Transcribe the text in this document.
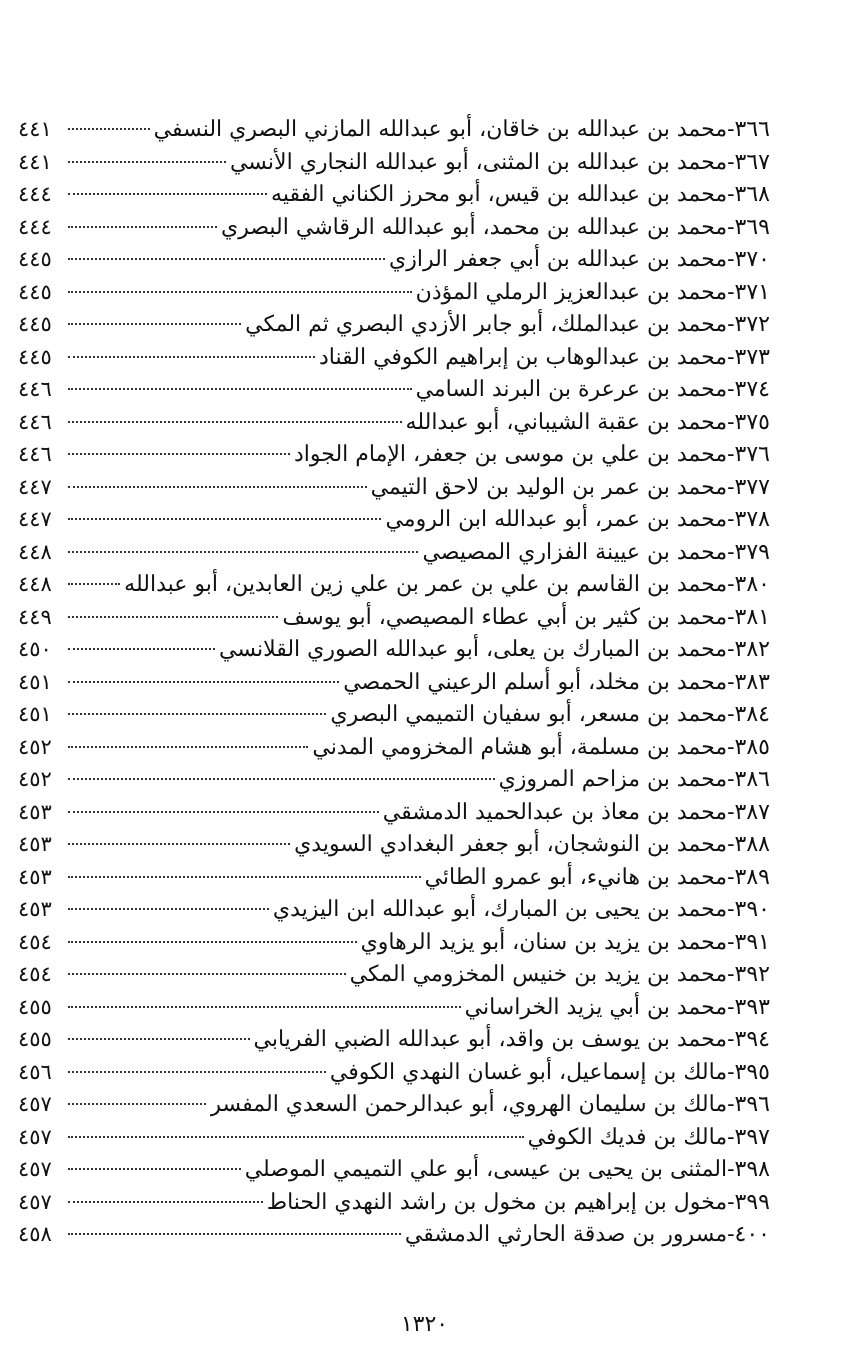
٣٦٦-
محمد بن عبدالله بن خاقان، أبو عبدالله المازني البصري النسفي
٤٤١
٣٦٧-
محمد بن عبدالله بن المثنى، أبو عبدالله النجاري الأنسي
٤٤١
٣٦٨-
محمد بن عبدالله بن قيس، أبو محرز الكناني الفقيه
٤٤٤
٣٦٩-
محمد بن عبدالله بن محمد، أبو عبدالله الرقاشي البصري
٤٤٤
٣٧٠-
محمد بن عبدالله بن أبي جعفر الرازي
٤٤٥
٣٧١-
محمد بن عبدالعزيز الرملي المؤذن
٤٤٥
٣٧٢-
محمد بن عبدالملك، أبو جابر الأزدي البصري ثم المكي
٤٤٥
٣٧٣-
محمد بن عبدالوهاب بن إبراهيم الكوفي القناد
٤٤٥
٣٧٤-
محمد بن عرعرة بن البرند السامي
٤٤٦
٣٧٥-
محمد بن عقبة الشيباني، أبو عبدالله
٤٤٦
٣٧٦-
محمد بن علي بن موسى بن جعفر، الإمام الجواد
٤٤٦
٣٧٧-
محمد بن عمر بن الوليد بن لاحق التيمي
٤٤٧
٣٧٨-
محمد بن عمر، أبو عبدالله ابن الرومي
٤٤٧
٣٧٩-
محمد بن عيينة الفزاري المصيصي
٤٤٨
٣٨٠-
محمد بن القاسم بن علي بن عمر بن علي زين العابدين، أبو عبدالله
٤٤٨
٣٨١-
محمد بن كثير بن أبي عطاء المصيصي، أبو يوسف
٤٤٩
٣٨٢-
محمد بن المبارك بن يعلى، أبو عبدالله الصوري القلانسي
٤٥٠
٣٨٣-
محمد بن مخلد، أبو أسلم الرعيني الحمصي
٤٥١
٣٨٤-
محمد بن مسعر، أبو سفيان التميمي البصري
٤٥١
٣٨٥-
محمد بن مسلمة، أبو هشام المخزومي المدني
٤٥٢
٣٨٦-
محمد بن مزاحم المروزي
٤٥٢
٣٨٧-
محمد بن معاذ بن عبدالحميد الدمشقي
٤٥٣
٣٨٨-
محمد بن النوشجان، أبو جعفر البغدادي السويدي
٤٥٣
٣٨٩-
محمد بن هانيء، أبو عمرو الطائي
٤٥٣
٣٩٠-
محمد بن يحيى بن المبارك، أبو عبدالله ابن اليزيدي
٤٥٣
٣٩١-
محمد بن يزيد بن سنان، أبو يزيد الرهاوي
٤٥٤
٣٩٢-
محمد بن يزيد بن خنيس المخزومي المكي
٤٥٤
٣٩٣-
محمد بن أبي يزيد الخراساني
٤٥٥
٣٩٤-
محمد بن يوسف بن واقد، أبو عبدالله الضبي الفريابي
٤٥٥
٣٩٥-
مالك بن إسماعيل، أبو غسان النهدي الكوفي
٤٥٦
٣٩٦-
مالك بن سليمان الهروي، أبو عبدالرحمن السعدي المفسر
٤٥٧
٣٩٧-
مالك بن فديك الكوفي
٤٥٧
٣٩٨-
المثنى بن يحيى بن عيسى، أبو علي التميمي الموصلي
٤٥٧
٣٩٩-
مخول بن إبراهيم بن مخول بن راشد النهدي الحناط
٤٥٧
٤٠٠-
مسرور بن صدقة الحارثي الدمشقي
٤٥٨
١٣٢٠
